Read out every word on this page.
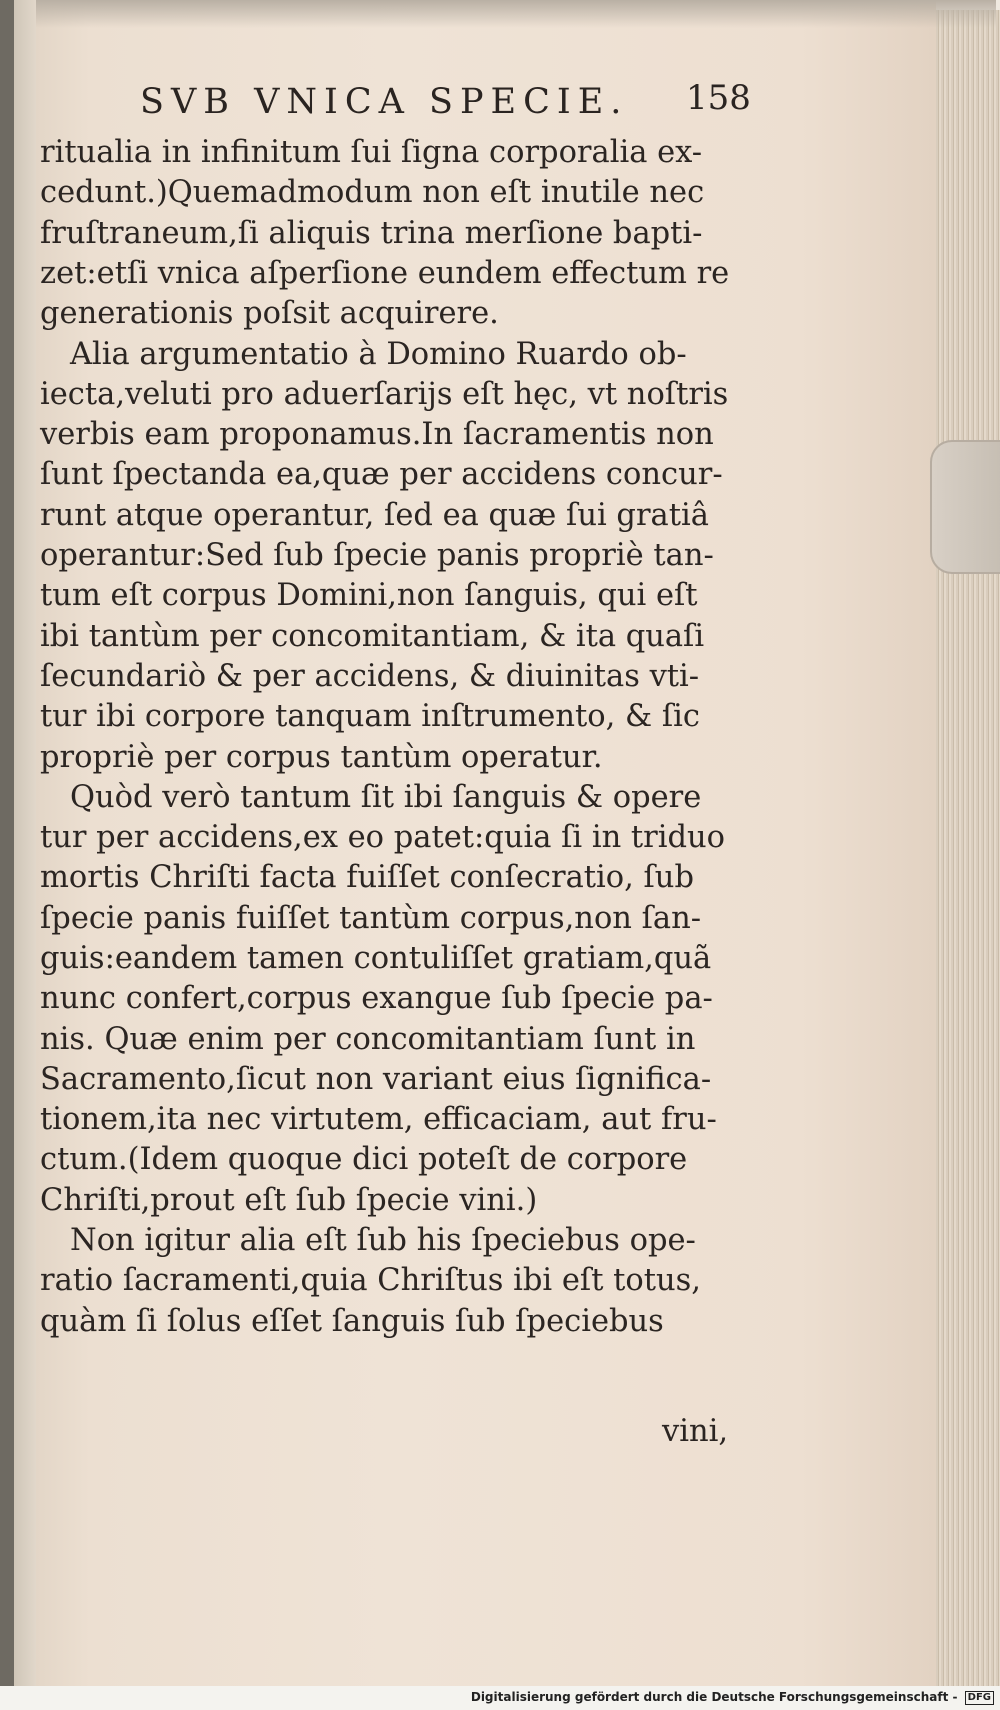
SVB VNICA SPECIE. 158
ritualia in infinitum ſui ſigna corporalia ex-
cedunt.)Quemadmodum non eſt inutile nec
fruſtraneum,ſi aliquis trina merſione bapti-
zet:etſi vnica aſperſione eundem effectum re
generationis poſsit acquirere.
Alia argumentatio à Domino Ruardo ob-
iecta,veluti pro aduerſarijs eſt hęc, vt noſtris
verbis eam proponamus.In ſacramentis non
ſunt ſpectanda ea,quæ per accidens concur-
runt atque operantur, ſed ea quæ ſui gratiâ
operantur:Sed ſub ſpecie panis propriè tan-
tum eſt corpus Domini,non ſanguis, qui eſt
ibi tantùm per concomitantiam, & ita quaſi
ſecundariò & per accidens, & diuinitas vti-
tur ibi corpore tanquam inſtrumento, & ſic
propriè per corpus tantùm operatur.
Quòd verò tantum ſit ibi ſanguis & opere
tur per accidens,ex eo patet:quia ſi in triduo
mortis Chriſti facta fuiſſet conſecratio, ſub
ſpecie panis fuiſſet tantùm corpus,non ſan-
guis:eandem tamen contuliſſet gratiam,quã
nunc confert,corpus exangue ſub ſpecie pa-
nis. Quæ enim per concomitantiam ſunt in
Sacramento,ſicut non variant eius ſignifica-
tionem,ita nec virtutem, efficaciam, aut fru-
ctum.(Idem quoque dici poteſt de corpore
Chriſti,prout eſt ſub ſpecie vini.)
Non igitur alia eſt ſub his ſpeciebus ope-
ratio ſacramenti,quia Chriſtus ibi eſt totus,
quàm ſi ſolus eſſet ſanguis ſub ſpeciebus
vini,
Digitalisierung gefördert durch die Deutsche Forschungsgemeinschaft - DFG
